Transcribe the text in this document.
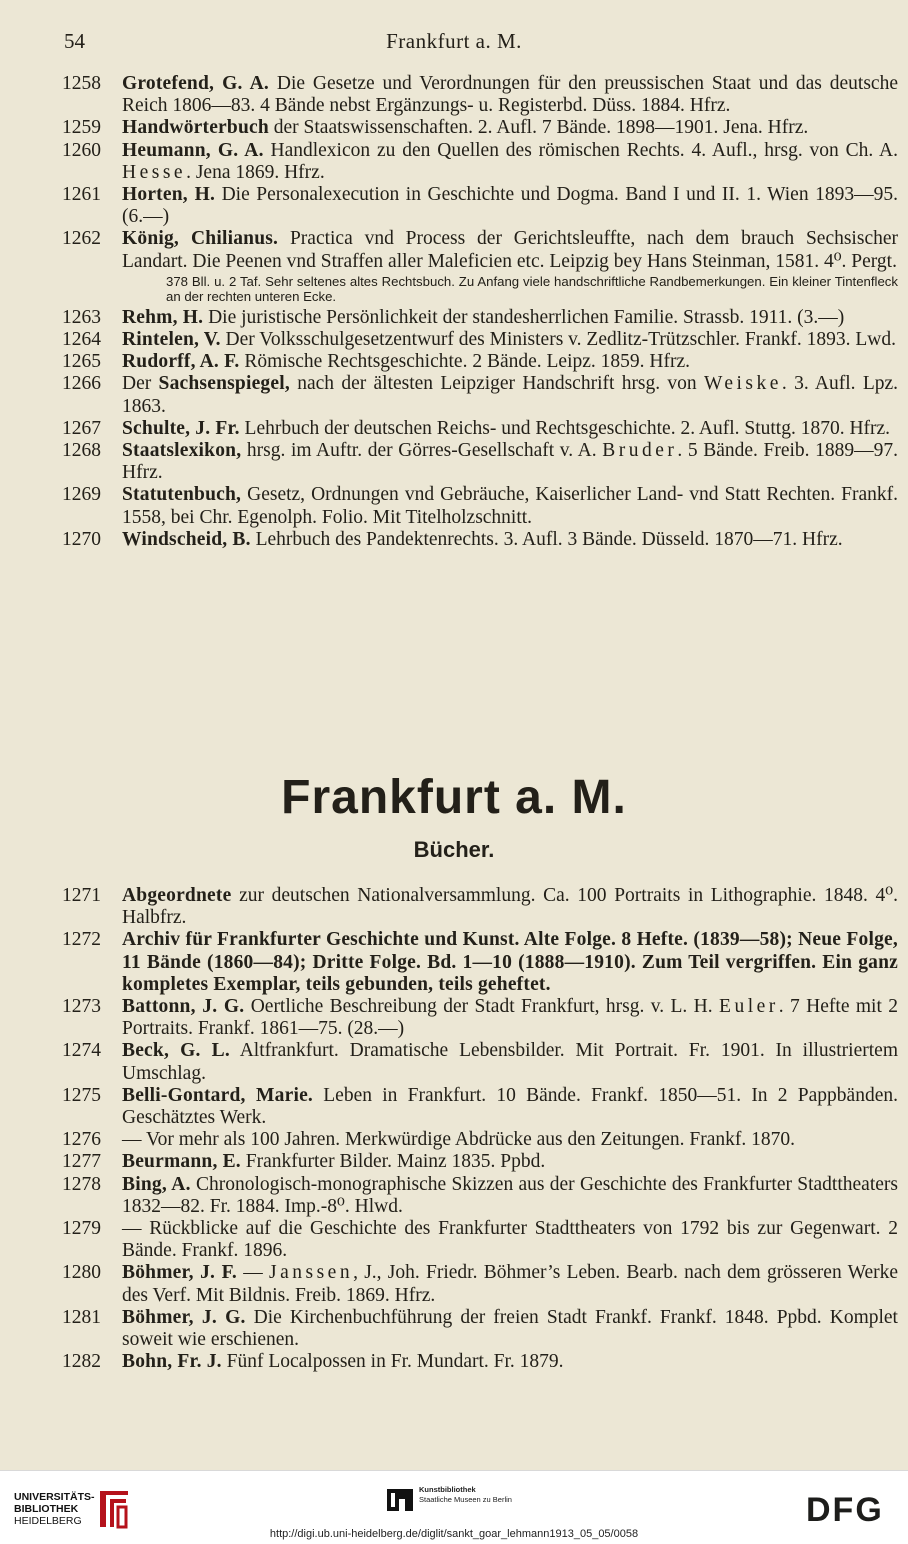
54	Frankfurt a. M.
1258	Grotefend, G. A. Die Gesetze und Verordnungen für den preussischen Staat und das deutsche Reich 1806—83. 4 Bände nebst Ergänzungs- u. Registerbd. Düss. 1884. Hfrz.
1259	Handwörterbuch der Staatswissenschaften. 2. Aufl. 7 Bände. 1898—1901. Jena. Hfrz.
1260	Heumann, G. A. Handlexicon zu den Quellen des römischen Rechts. 4. Aufl., hrsg. von Ch. A. Hesse. Jena 1869. Hfrz.
1261	Horten, H. Die Personalexecution in Geschichte und Dogma. Band I und II. 1. Wien 1893—95. (6.—)
1262	König, Chilianus. Practica vnd Process der Gerichtsleuffte, nach dem brauch Sechsischer Landart. Die Peenen vnd Straffen aller Maleficien etc. Leipzig bey Hans Steinman, 1581. 4⁰. Pergt.
378 Bll. u. 2 Taf. Sehr seltenes altes Rechtsbuch. Zu Anfang viele handschriftliche Randbemerkungen. Ein kleiner Tintenfleck an der rechten unteren Ecke.
1263	Rehm, H. Die juristische Persönlichkeit der standesherrlichen Familie. Strassb. 1911. (3.—)
1264	Rintelen, V. Der Volksschulgesetzentwurf des Ministers v. Zedlitz-Trützschler. Frankf. 1893. Lwd.
1265	Rudorff, A. F. Römische Rechtsgeschichte. 2 Bände. Leipz. 1859. Hfrz.
1266	Der Sachsenspiegel, nach der ältesten Leipziger Handschrift hrsg. von Weiske. 3. Aufl. Lpz. 1863.
1267	Schulte, J. Fr. Lehrbuch der deutschen Reichs- und Rechtsgeschichte. 2. Aufl. Stuttg. 1870. Hfrz.
1268	Staatslexikon, hrsg. im Auftr. der Görres-Gesellschaft v. A. Bruder. 5 Bände. Freib. 1889—97. Hfrz.
1269	Statutenbuch, Gesetz, Ordnungen vnd Gebräuche, Kaiserlicher Land- vnd Statt Rechten. Frankf. 1558, bei Chr. Egenolph. Folio. Mit Titelholzschnitt.
1270	Windscheid, B. Lehrbuch des Pandektenrechts. 3. Aufl. 3 Bände. Düsseld. 1870—71. Hfrz.
Frankfurt a. M.
Bücher.
1271	Abgeordnete zur deutschen Nationalversammlung. Ca. 100 Portraits in Lithographie. 1848. 4⁰. Halbfrz.
1272	Archiv für Frankfurter Geschichte und Kunst. Alte Folge. 8 Hefte. (1839—58); Neue Folge, 11 Bände (1860—84); Dritte Folge. Bd. 1—10 (1888—1910). Zum Teil vergriffen. Ein ganz kompletes Exemplar, teils gebunden, teils geheftet.
1273	Battonn, J. G. Oertliche Beschreibung der Stadt Frankfurt, hrsg. v. L. H. Euler. 7 Hefte mit 2 Portraits. Frankf. 1861—75. (28.—)
1274	Beck, G. L. Altfrankfurt. Dramatische Lebensbilder. Mit Portrait. Fr. 1901. In illustriertem Umschlag.
1275	Belli-Gontard, Marie. Leben in Frankfurt. 10 Bände. Frankf. 1850—51. In 2 Pappbänden. Geschätztes Werk.
1276	— Vor mehr als 100 Jahren. Merkwürdige Abdrücke aus den Zeitungen. Frankf. 1870.
1277	Beurmann, E. Frankfurter Bilder. Mainz 1835. Ppbd.
1278	Bing, A. Chronologisch-monographische Skizzen aus der Geschichte des Frankfurter Stadttheaters 1832—82. Fr. 1884. Imp.-8⁰. Hlwd.
1279	— Rückblicke auf die Geschichte des Frankfurter Stadttheaters von 1792 bis zur Gegenwart. 2 Bände. Frankf. 1896.
1280	Böhmer, J. F. — Janssen, J., Joh. Friedr. Böhmer’s Leben. Bearb. nach dem grösseren Werke des Verf. Mit Bildnis. Freib. 1869. Hfrz.
1281	Böhmer, J. G. Die Kirchenbuchführung der freien Stadt Frankf. Frankf. 1848. Ppbd. Komplet soweit wie erschienen.
1282	Bohn, Fr. J. Fünf Localpossen in Fr. Mundart. Fr. 1879.
UNIVERSITÄTS-
BIBLIOTHEK
HEIDELBERG
Kunstbibliothek
Staatliche Museen zu Berlin	DFG
http://digi.ub.uni-heidelberg.de/diglit/sankt_goar_lehmann1913_05_05/0058
